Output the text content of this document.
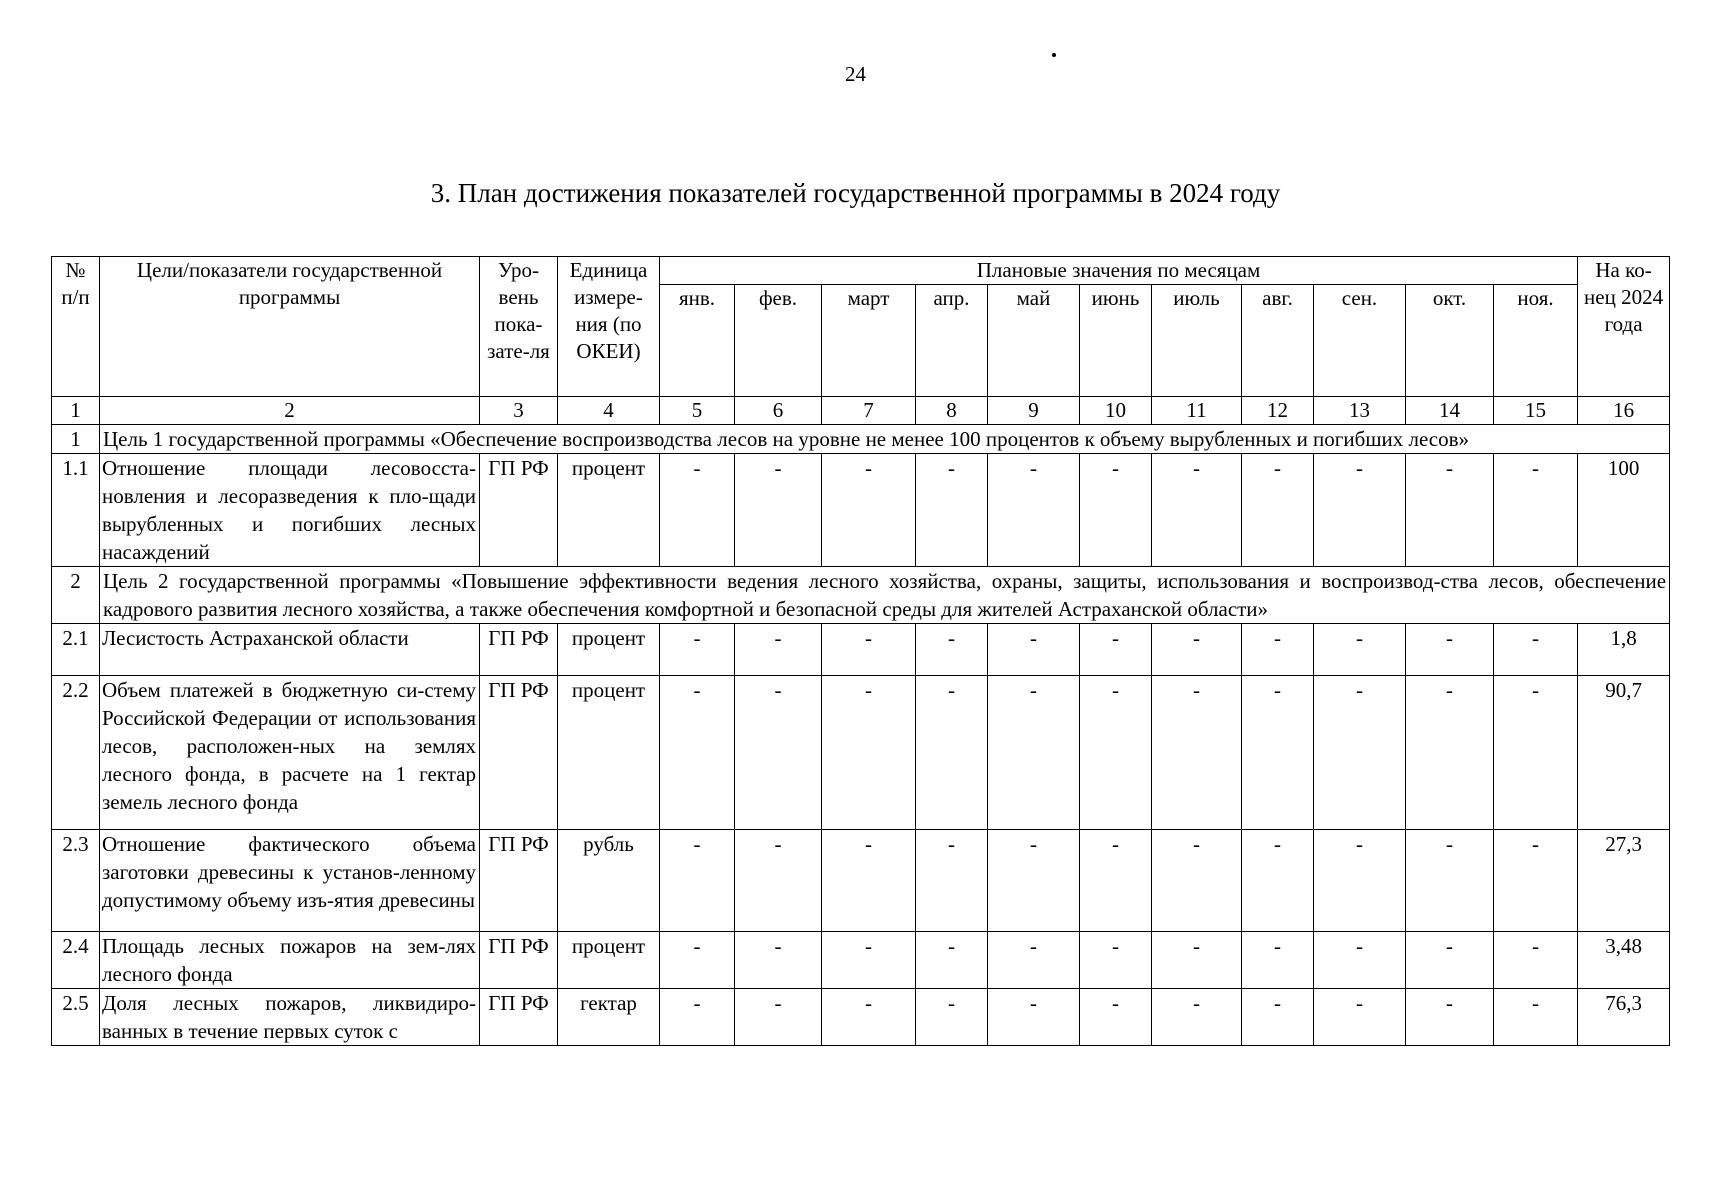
24
3. План достижения показателей государственной программы в 2024 году
№ п/п	Цели/показатели государственной программы	Уро-вень пока-зате-ля	Единица измере-ния (по ОКЕИ)	Плановые значения по месяцам											На ко-нец 2024 года
				янв.	фев.	март	апр.	май	июнь	июль	авг.	сен.	окт.	ноя.	
1	2	3	4	5	6	7	8	9	10	11	12	13	14	15	16
1	Цель 1 государственной программы «Обеспечение воспроизводства лесов на уровне не менее 100 процентов к объему вырубленных и погибших лесов»														
1.1	Отношение площади лесовосста-новления и лесоразведения к пло-щади вырубленных и погибших лесных насаждений	ГП РФ	процент	-	-	-	-	-	-	-	-	-	-	-	100
2	Цель 2 государственной программы «Повышение эффективности ведения лесного хозяйства, охраны, защиты, использования и воспроизвод-ства лесов, обеспечение кадрового развития лесного хозяйства, а также обеспечения комфортной и безопасной среды для жителей Астраханской области»														
2.1	Лесистость Астраханской области	ГП РФ	процент	-	-	-	-	-	-	-	-	-	-	-	1,8
2.2	Объем платежей в бюджетную си-стему Российской Федерации от использования лесов, расположен-ных на землях лесного фонда, в расчете на 1 гектар земель лесного фонда	ГП РФ	процент	-	-	-	-	-	-	-	-	-	-	-	90,7
2.3	Отношение фактического объема заготовки древесины к установ-ленному допустимому объему изъ-ятия древесины	ГП РФ	рубль	-	-	-	-	-	-	-	-	-	-	-	27,3
2.4	Площадь лесных пожаров на зем-лях лесного фонда	ГП РФ	процент	-	-	-	-	-	-	-	-	-	-	-	3,48
2.5	Доля лесных пожаров, ликвидиро-ванных в течение первых суток с	ГП РФ	гектар	-	-	-	-	-	-	-	-	-	-	-	76,3
